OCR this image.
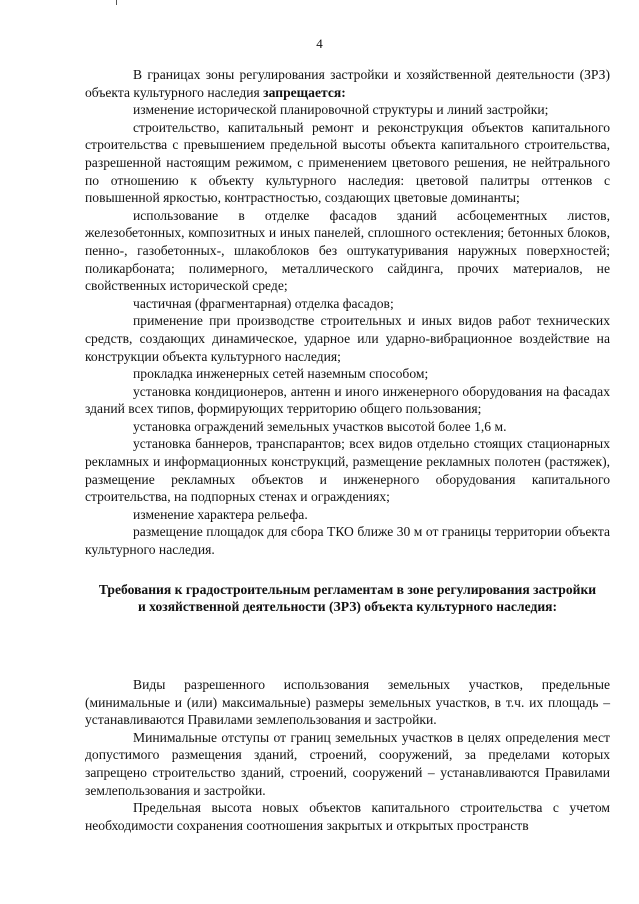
4

В границах зоны регулирования застройки и хозяйственной деятельности (ЗРЗ) объекта культурного наследия запрещается:

изменение исторической планировочной структуры и линий застройки;

строительство, капитальный ремонт и реконструкция объектов капитального строительства с превышением предельной высоты объекта капитального строительства, разрешенной настоящим режимом, с применением цветового решения, не нейтрального по отношению к объекту культурного наследия: цветовой палитры оттенков с повышенной яркостью, контрастностью, создающих цветовые доминанты;

использование в отделке фасадов зданий асбоцементных листов, железобетонных, композитных и иных панелей, сплошного остекления; бетонных блоков, пенно-, газобетонных-, шлакоблоков без оштукатуривания наружных поверхностей; поликарбоната; полимерного, металлического сайдинга, прочих материалов, не свойственных исторической среде;

частичная (фрагментарная) отделка фасадов;

применение при производстве строительных и иных видов работ технических средств, создающих динамическое, ударное или ударно-вибрационное воздействие на конструкции объекта культурного наследия;

прокладка инженерных сетей наземным способом;

установка кондиционеров, антенн и иного инженерного оборудования на фасадах зданий всех типов, формирующих территорию общего пользования;

установка ограждений земельных участков высотой более 1,6 м.

установка баннеров, транспарантов; всех видов отдельно стоящих стационарных рекламных и информационных конструкций, размещение рекламных полотен (растяжек), размещение рекламных объектов и инженерного оборудования капитального строительства, на подпорных стенах и ограждениях;

изменение характера рельефа.

размещение площадок для сбора ТКО ближе 30 м от границы территории объекта культурного наследия.

Требования к градостроительным регламентам в зоне регулирования застройки и хозяйственной деятельности (ЗРЗ) объекта культурного наследия:

Виды разрешенного использования земельных участков, предельные (минимальные и (или) максимальные) размеры земельных участков, в т.ч. их площадь – устанавливаются Правилами землепользования и застройки.

Минимальные отступы от границ земельных участков в целях определения мест допустимого размещения зданий, строений, сооружений, за пределами которых запрещено строительство зданий, строений, сооружений – устанавливаются Правилами землепользования и застройки.

Предельная высота новых объектов капитального строительства с учетом необходимости сохранения соотношения закрытых и открытых пространств
